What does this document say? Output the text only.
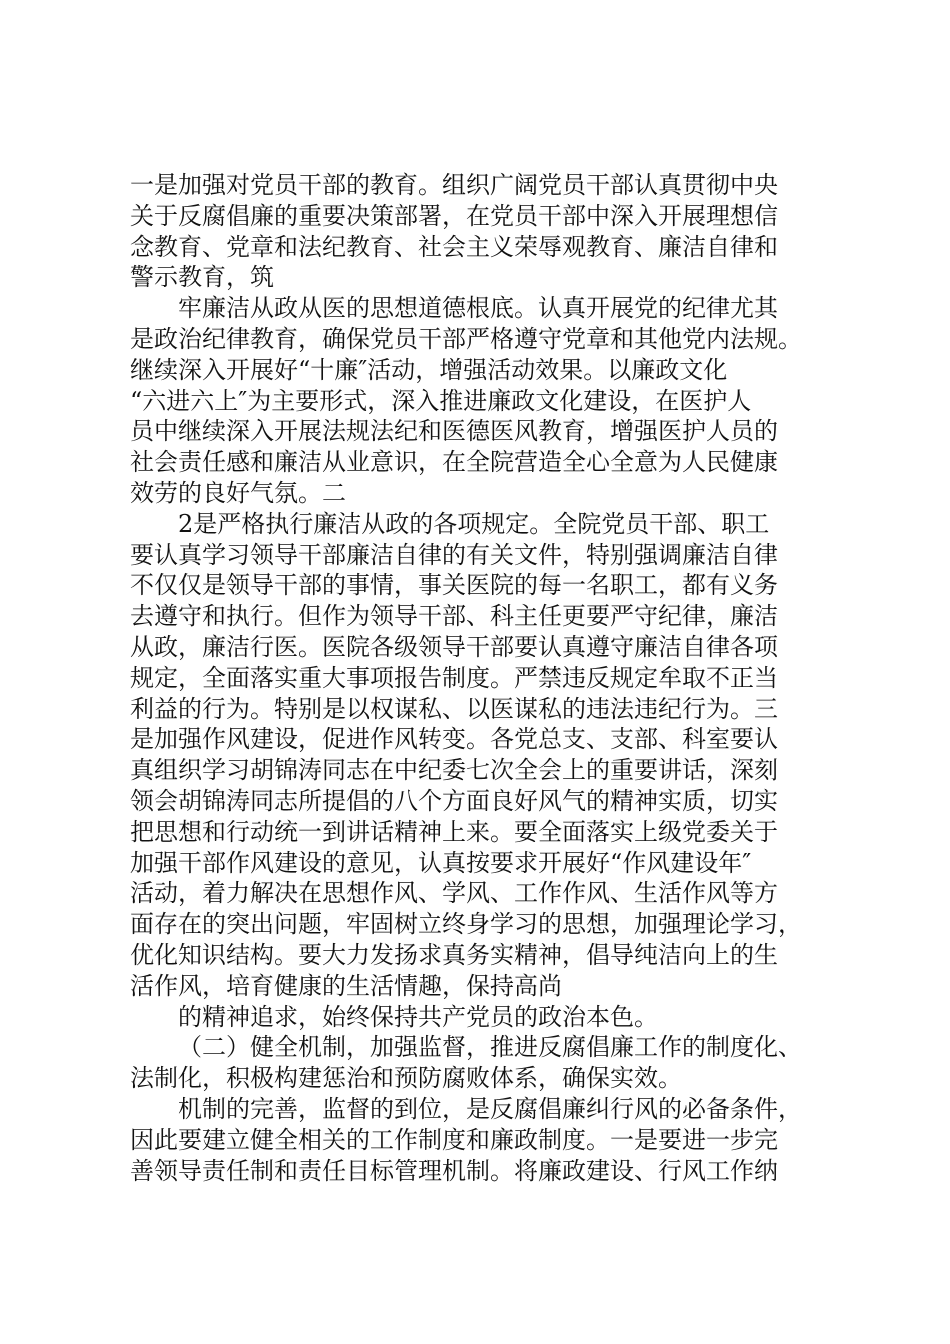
一是加强对党员干部的教育。组织广阔党员干部认真贯彻中央
关于反腐倡廉的重要决策部署，在党员干部中深入开展理想信
念教育、党章和法纪教育、社会主义荣辱观教育、廉洁自律和
警示教育，筑
牢廉洁从政从医的思想道德根底。认真开展党的纪律尤其
是政治纪律教育，确保党员干部严格遵守党章和其他党内法规。
继续深入开展好“十廉″活动，增强活动效果。以廉政文化
“六进六上″为主要形式，深入推进廉政文化建设，在医护人
员中继续深入开展法规法纪和医德医风教育，增强医护人员的
社会责任感和廉洁从业意识，在全院营造全心全意为人民健康
效劳的良好气氛。二
2是严格执行廉洁从政的各项规定。全院党员干部、职工
要认真学习领导干部廉洁自律的有关文件，特别强调廉洁自律
不仅仅是领导干部的事情，事关医院的每一名职工，都有义务
去遵守和执行。但作为领导干部、科主任更要严守纪律，廉洁
从政，廉洁行医。医院各级领导干部要认真遵守廉洁自律各项
规定，全面落实重大事项报告制度。严禁违反规定牟取不正当
利益的行为。特别是以权谋私、以医谋私的违法违纪行为。三
是加强作风建设，促进作风转变。各党总支、支部、科室要认
真组织学习胡锦涛同志在中纪委七次全会上的重要讲话，深刻
领会胡锦涛同志所提倡的八个方面良好风气的精神实质，切实
把思想和行动统一到讲话精神上来。要全面落实上级党委关于
加强干部作风建设的意见，认真按要求开展好“作风建设年″
活动，着力解决在思想作风、学风、工作作风、生活作风等方
面存在的突出问题，牢固树立终身学习的思想，加强理论学习，
优化知识结构。要大力发扬求真务实精神，倡导纯洁向上的生
活作风，培育健康的生活情趣，保持高尚
的精神追求，始终保持共产党员的政治本色。
（二）健全机制，加强监督，推进反腐倡廉工作的制度化、
法制化，积极构建惩治和预防腐败体系，确保实效。
机制的完善，监督的到位，是反腐倡廉纠行风的必备条件，
因此要建立健全相关的工作制度和廉政制度。一是要进一步完
善领导责任制和责任目标管理机制。将廉政建设、行风工作纳
